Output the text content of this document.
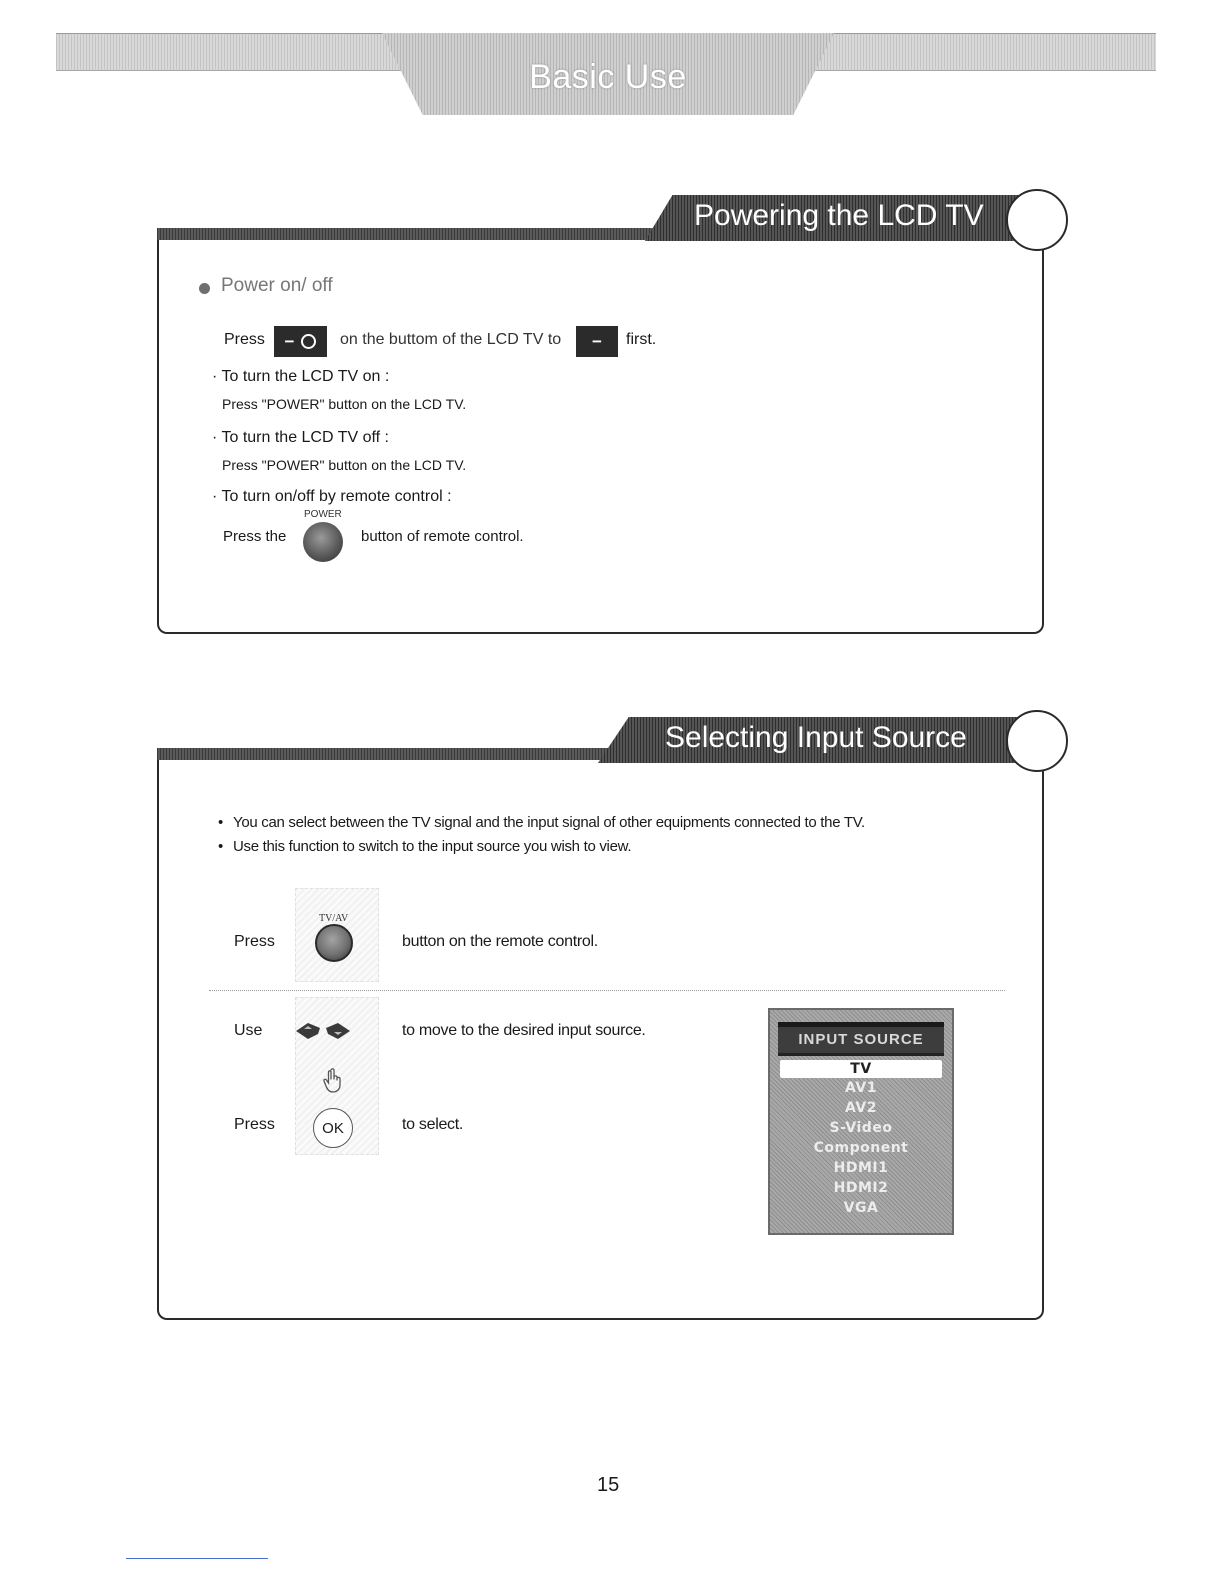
Basic Use
Powering the LCD TV
Power on/ off
Press −	on the buttom of the LCD TV to − first.
· To turn the LCD TV on :
Press "POWER" button on the LCD TV.
· To turn the LCD TV off :
Press "POWER" button on the LCD TV.
· To turn on/off by remote control :
POWER
Press the	button of remote control.
Selecting Input Source
• You can select between the TV signal and the input signal of other equipments connected to the TV.
• Use this function to switch to the input source you wish to view.
TV/AV
Press	button on the remote control.
Use	to move to the desired input source.
Press	OK	to select.
INPUT SOURCE
TV
AV1
AV2
S-Video
Component
HDMI1
HDMI2
VGA
15
